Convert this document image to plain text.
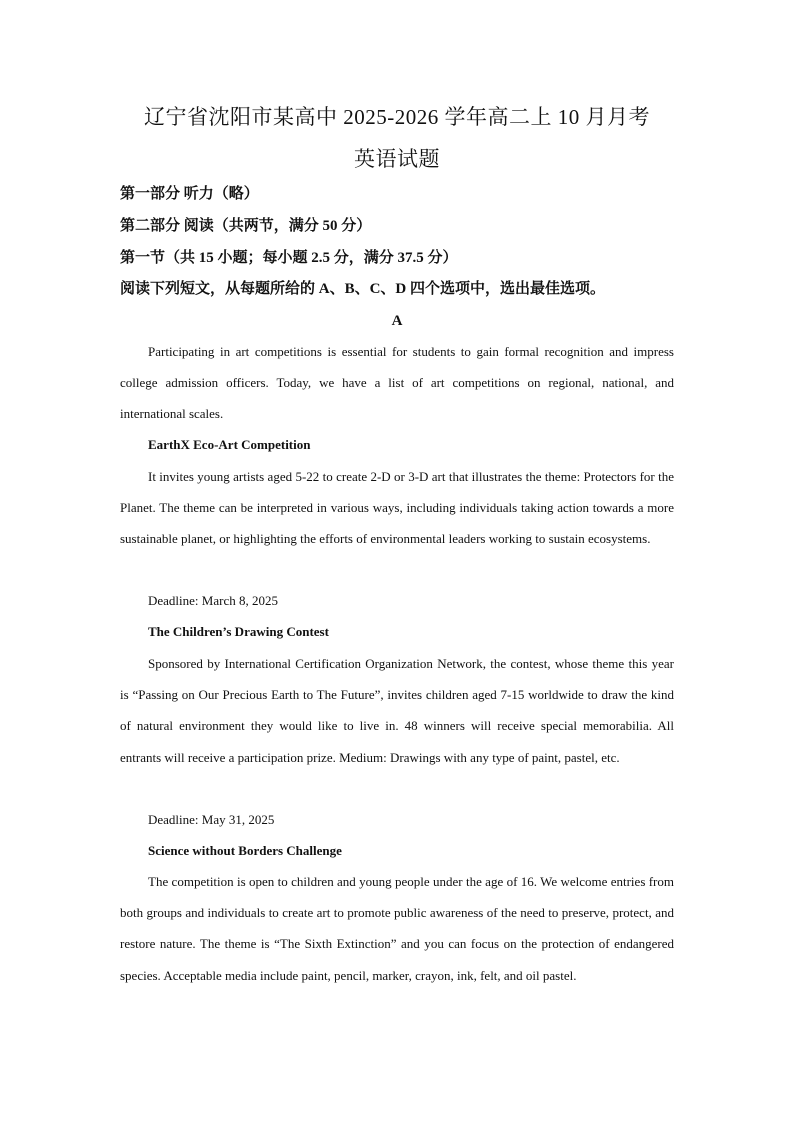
辽宁省沈阳市某高中 2025-2026 学年高二上 10 月月考
英语试题
第一部分 听力（略）
第二部分 阅读（共两节，满分 50 分）
第一节（共 15 小题；每小题 2.5 分，满分 37.5 分）
阅读下列短文，从每题所给的 A、B、C、D 四个选项中，选出最佳选项。
A

Participating in art competitions is essential for students to gain formal recognition and impress college admission officers. Today, we have a list of art competitions on regional, national, and international scales.

EarthX Eco-Art Competition

It invites young artists aged 5-22 to create 2-D or 3-D art that illustrates the theme: Protectors for the Planet. The theme can be interpreted in various ways, including individuals taking action towards a more sustainable planet, or highlighting the efforts of environmental leaders working to sustain ecosystems.

Deadline: March 8, 2025
The Children’s Drawing Contest

Sponsored by International Certification Organization Network, the contest, whose theme this year is “Passing on Our Precious Earth to The Future”, invites children aged 7-15 worldwide to draw the kind of natural environment they would like to live in. 48 winners will receive special memorabilia. All entrants will receive a participation prize. Medium: Drawings with any type of paint, pastel, etc.

Deadline: May 31, 2025
Science without Borders Challenge

The competition is open to children and young people under the age of 16. We welcome entries from both groups and individuals to create art to promote public awareness of the need to preserve, protect, and restore nature. The theme is “The Sixth Extinction” and you can focus on the protection of endangered species. Acceptable media include paint, pencil, marker, crayon, ink, felt, and oil pastel.
